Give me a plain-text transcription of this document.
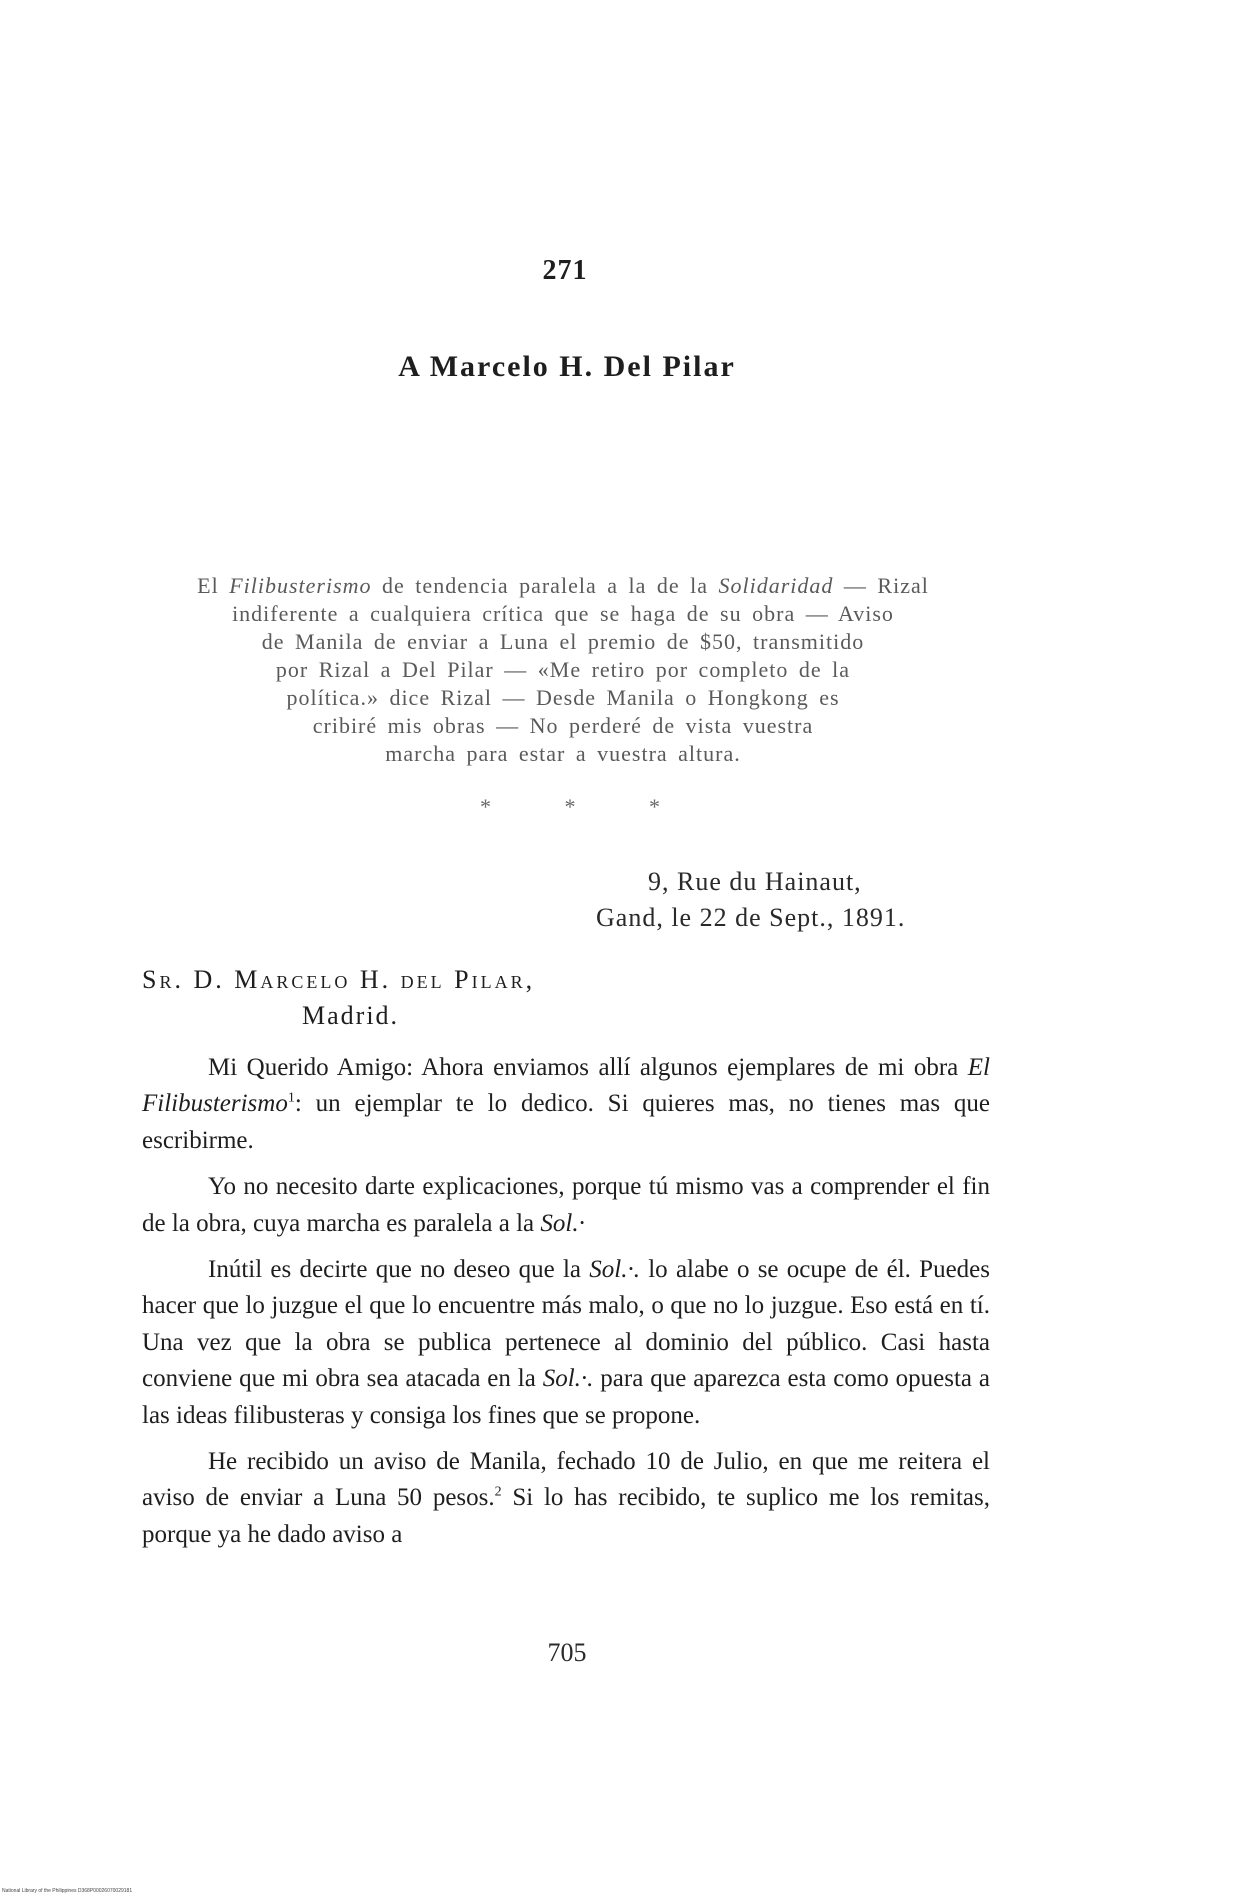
271
A Marcelo H. Del Pilar
El Filibusterismo de tendencia paralela a la de la Solidaridad — Rizal
indiferente a cualquiera crítica que se haga de su obra — Aviso
de Manila de enviar a Luna el premio de $50, transmitido
por Rizal a Del Pilar — «Me retiro por completo de la
política.» dice Rizal — Desde Manila o Hongkong es
cribiré mis obras — No perderé de vista vuestra
marcha para estar a vuestra altura.
*	*	*
9, Rue du Hainaut,
Gand, le 22 de Sept., 1891.
Sr. D. Marcelo H. del Pilar,
Madrid.

Mi Querido Amigo: Ahora enviamos allí algunos ejemplares de mi obra El Filibusterismo$^1$: un ejemplar te lo dedico. Si quieres mas, no tienes mas que escribirme.

Yo no necesito darte explicaciones, porque tú mismo vas a comprender el fin de la obra, cuya marcha es paralela a la Sol.·

Inútil es decirte que no deseo que la Sol.·. lo alabe o se ocupe de él. Puedes hacer que lo juzgue el que lo encuentre más malo, o que no lo juzgue. Eso está en tí. Una vez que la obra se publica pertenece al dominio del público. Casi hasta conviene que mi obra sea atacada en la Sol.·. para que aparezca esta como opuesta a las ideas filibusteras y consiga los fines que se propone.

He recibido un aviso de Manila, fechado 10 de Julio, en que me reitera el aviso de enviar a Luna 50 pesos.$^2$ Si lo has recibido, te suplico me los remitas, porque ya he dado aviso a

705
National Library of the Philippines D368P00026070029181
